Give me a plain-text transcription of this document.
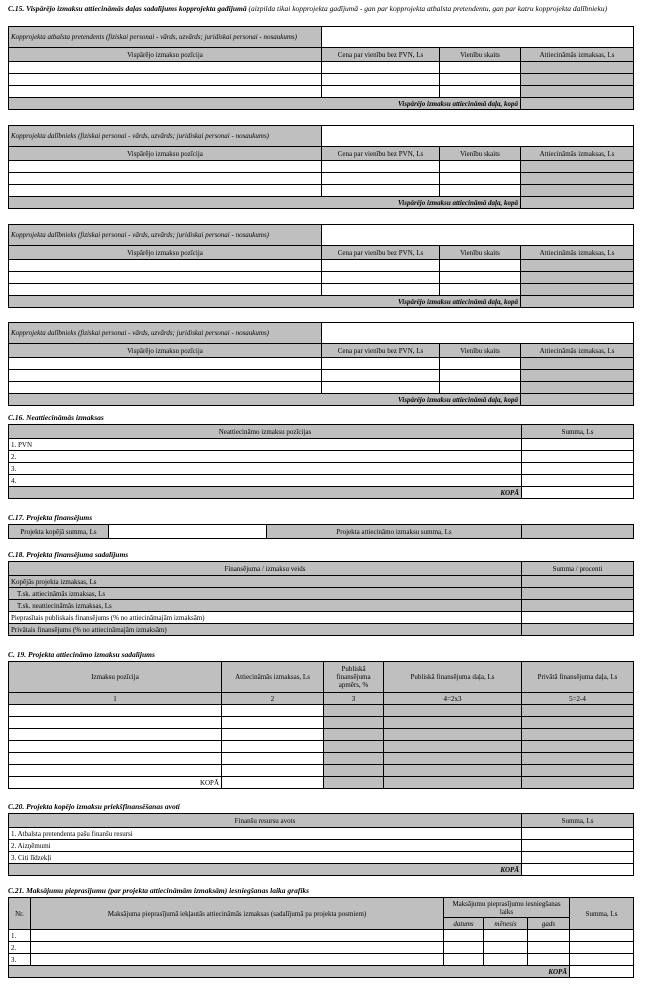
C.15. Vispārējo izmaksu attiecināmās daļas sadalījums kopprojekta gadījumā (aizpilda tikai kopprojekta gadījumā - gan par kopprojekta atbalsta pretendentu, gan par katru kopprojekta dalībnieku)
Kopprojekta atbalsta pretendents (fiziskai personai - vārds, uzvārds; juridiskai personai - nosaukums)			
Vispārējo izmaksu pozīcija	Cena par vienību bez PVN, Ls	Vienību skaits	Attiecināmās izmaksas, Ls

Vispārējo izmaksu attiecināmā daļa, kopā			
Kopprojekta dalībnieks (fiziskai personai - vārds, uzvārds; juridiskai personai - nosaukums)			
Vispārējo izmaksu pozīcija	Cena par vienību bez PVN, Ls	Vienību skaits	Attiecināmās izmaksas, Ls

Vispārējo izmaksu attiecināmā daļa, kopā			
Kopprojekta dalībnieks (fiziskai personai - vārds, uzvārds; juridiskai personai - nosaukums)			
Vispārējo izmaksu pozīcija	Cena par vienību bez PVN, Ls	Vienību skaits	Attiecināmās izmaksas, Ls

Vispārējo izmaksu attiecināmā daļa, kopā			
Kopprojekta dalībnieks (fiziskai personai - vārds, uzvārds; juridiskai personai - nosaukums)			
Vispārējo izmaksu pozīcija	Cena par vienību bez PVN, Ls	Vienību skaits	Attiecināmās izmaksas, Ls

Vispārējo izmaksu attiecināmā daļa, kopā			
C.16. Neattiecināmās izmaksas
Neattiecināmo izmaksu pozīcijas	Summa, Ls
1. PVN	
2.	
3.	
4.	
KOPĀ	
C.17. Projekta finansējums
Projekta kopējā summa, Ls		Projekta attiecināmo izmaksu summa, Ls	
C.18. Projekta finansējuma sadalījums
Finansējuma / izmaksu veids	Summa / procenti
Kopējās projekta izmaksas, Ls	
T.sk. attiecināmās izmaksas, Ls	
T.sk. neattiecināmās izmaksas, Ls	
Pieprasītais publiskais finansējums (% no attiecināmajām izmaksām)	
Privātais finansējums (% no attiecināmajām izmaksām)	
C. 19. Projekta attiecināmo izmaksu sadalījums
Izmaksu pozīcija	Attiecināmās izmaksas, Ls	Publiskā finansējuma apmērs, %	Publiskā finansējuma daļa, Ls	Privātā finansējuma daļa, Ls
1	2	3	4=2x3	5=2-4

KOPĀ				
C.20. Projekta kopējo izmaksu priekšfinansēšanas avoti
Finanšu resursu avots	Summa, Ls
1. Atbalsta pretendenta pašu finanšu resursi	
2. Aizņēmumi	
3. Citi līdzekļi	
KOPĀ	
C.21. Maksājumu pieprasījumu (par projekta attiecināmām izmaksām) iesniegšanas laika grafiks
Nr.	Maksājuma pieprasījumā iekļautās attiecināmās izmaksas (sadalījumā pa projekta posmiem)	Maksājumu pieprasījumu iesniegšanas laiks			Summa, Ls
		datums	mēnesis	gads	
1.					
2.					
3.					
KOPĀ					
